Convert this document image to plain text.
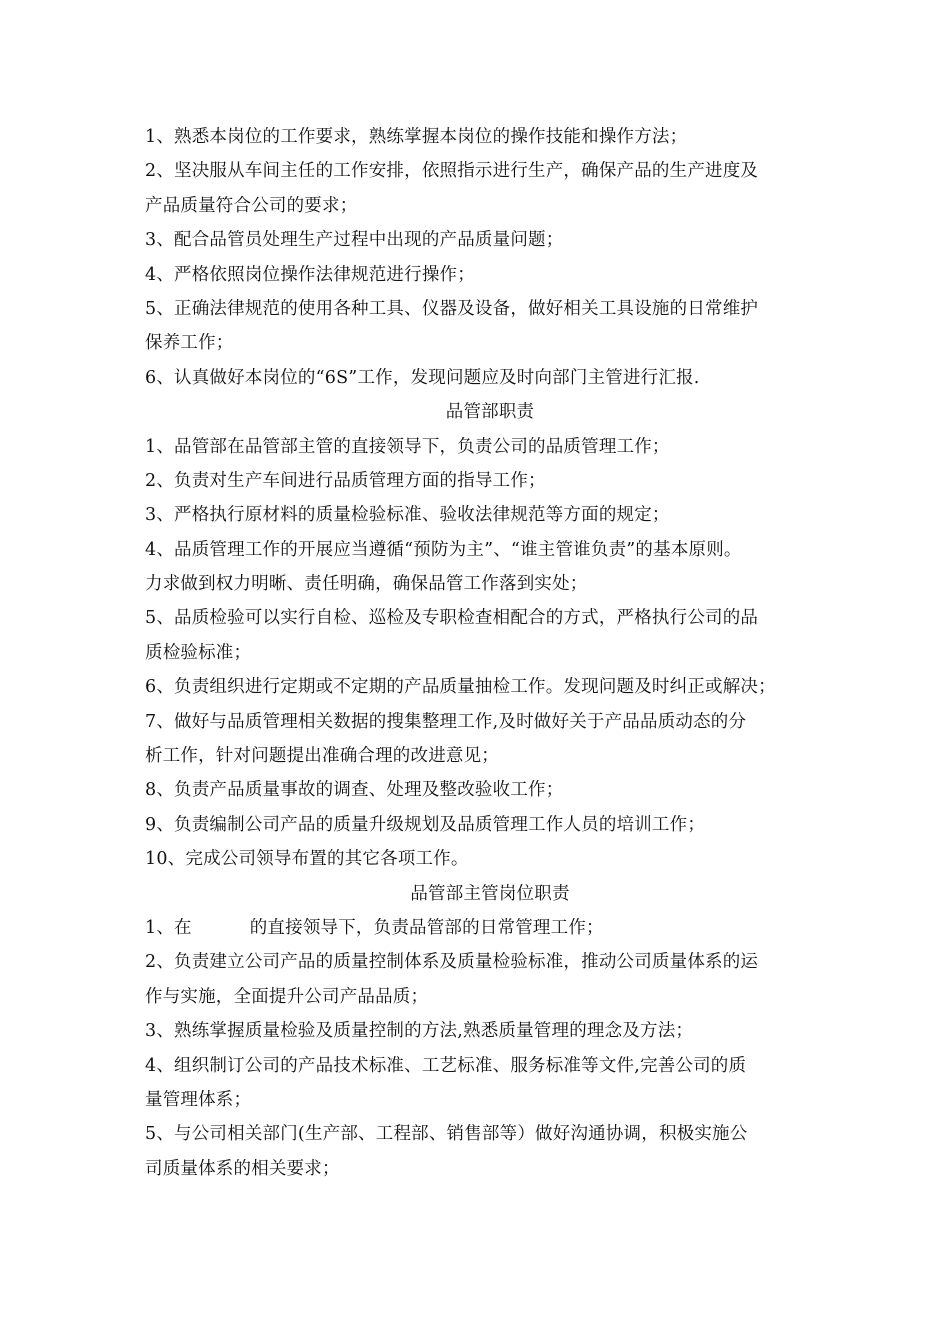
1、熟悉本岗位的工作要求，熟练掌握本岗位的操作技能和操作方法；
2、坚决服从车间主任的工作安排，依照指示进行生产，确保产品的生产进度及
产品质量符合公司的要求；
3、配合品管员处理生产过程中出现的产品质量问题；
4、严格依照岗位操作法律规范进行操作；
5、正确法律规范的使用各种工具、仪器及设备，做好相关工具设施的日常维护
保养工作；
6、认真做好本岗位的“6S”工作，发现问题应及时向部门主管进行汇报.
品管部职责
1、品管部在品管部主管的直接领导下，负责公司的品质管理工作；
2、负责对生产车间进行品质管理方面的指导工作；
3、严格执行原材料的质量检验标准、验收法律规范等方面的规定；
4、品质管理工作的开展应当遵循“预防为主”、“谁主管谁负责”的基本原则。
力求做到权力明晰、责任明确，确保品管工作落到实处；
5、品质检验可以实行自检、巡检及专职检查相配合的方式，严格执行公司的品
质检验标准；
6、负责组织进行定期或不定期的产品质量抽检工作。发现问题及时纠正或解决；
7、做好与品质管理相关数据的搜集整理工作,及时做好关于产品品质动态的分
析工作，针对问题提出准确合理的改进意见；
8、负责产品质量事故的调查、处理及整改验收工作；
9、负责编制公司产品的质量升级规划及品质管理工作人员的培训工作；
10、完成公司领导布置的其它各项工作。
品管部主管岗位职责
1、在	的直接领导下，负责品管部的日常管理工作；
2、负责建立公司产品的质量控制体系及质量检验标准，推动公司质量体系的运
作与实施，全面提升公司产品品质；
3、熟练掌握质量检验及质量控制的方法,熟悉质量管理的理念及方法；
4、组织制订公司的产品技术标准、工艺标准、服务标准等文件,完善公司的质
量管理体系；
5、与公司相关部门(生产部、工程部、销售部等）做好沟通协调，积极实施公
司质量体系的相关要求；
